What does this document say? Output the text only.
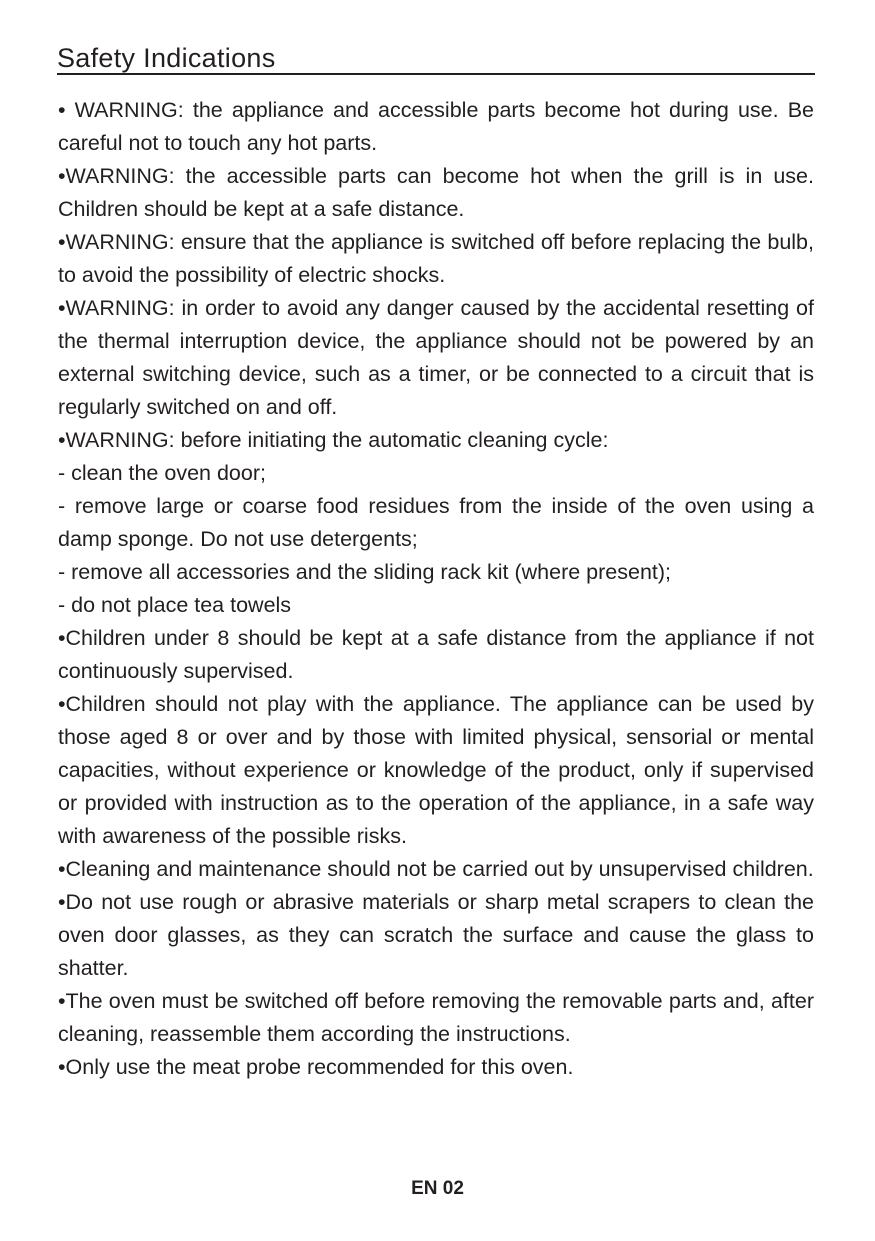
Safety Indications

• WARNING: the appliance and accessible parts become hot during use. Be careful not to touch any hot parts.

•WARNING: the accessible parts can become hot when the grill is in use. Children should be kept at a safe distance.

•WARNING: ensure that the appliance is switched off before replacing the bulb, to avoid the possibility of electric shocks.

•WARNING: in order to avoid any danger caused by the accidental resetting of the thermal interruption device, the appliance should not be powered by an external switching device, such as a timer, or be connected to a circuit that is regularly switched on and off.

•WARNING: before initiating the automatic cleaning cycle:

- clean the oven door;

- remove large or coarse food residues from the inside of the oven using a damp sponge. Do not use detergents;

- remove all accessories and the sliding rack kit (where present);

- do not place tea towels

•Children under 8 should be kept at a safe distance from the appliance if not continuously supervised.

•Children should not play with the appliance. The appliance can be used by those aged 8 or over and by those with limited physical, sensorial or mental capacities, without experience or knowledge of the product, only if supervised or provided with instruction as to the operation of the appliance, in a safe way with awareness of the possible risks.

•Cleaning and maintenance should not be carried out by unsupervised children.

•Do not use rough or abrasive materials or sharp metal scrapers to clean the oven door glasses, as they can scratch the surface and cause the glass to shatter.

•The oven must be switched off before removing the removable parts and, after cleaning, reassemble them according the instructions.

•Only use the meat probe recommended for this oven.

EN 02
